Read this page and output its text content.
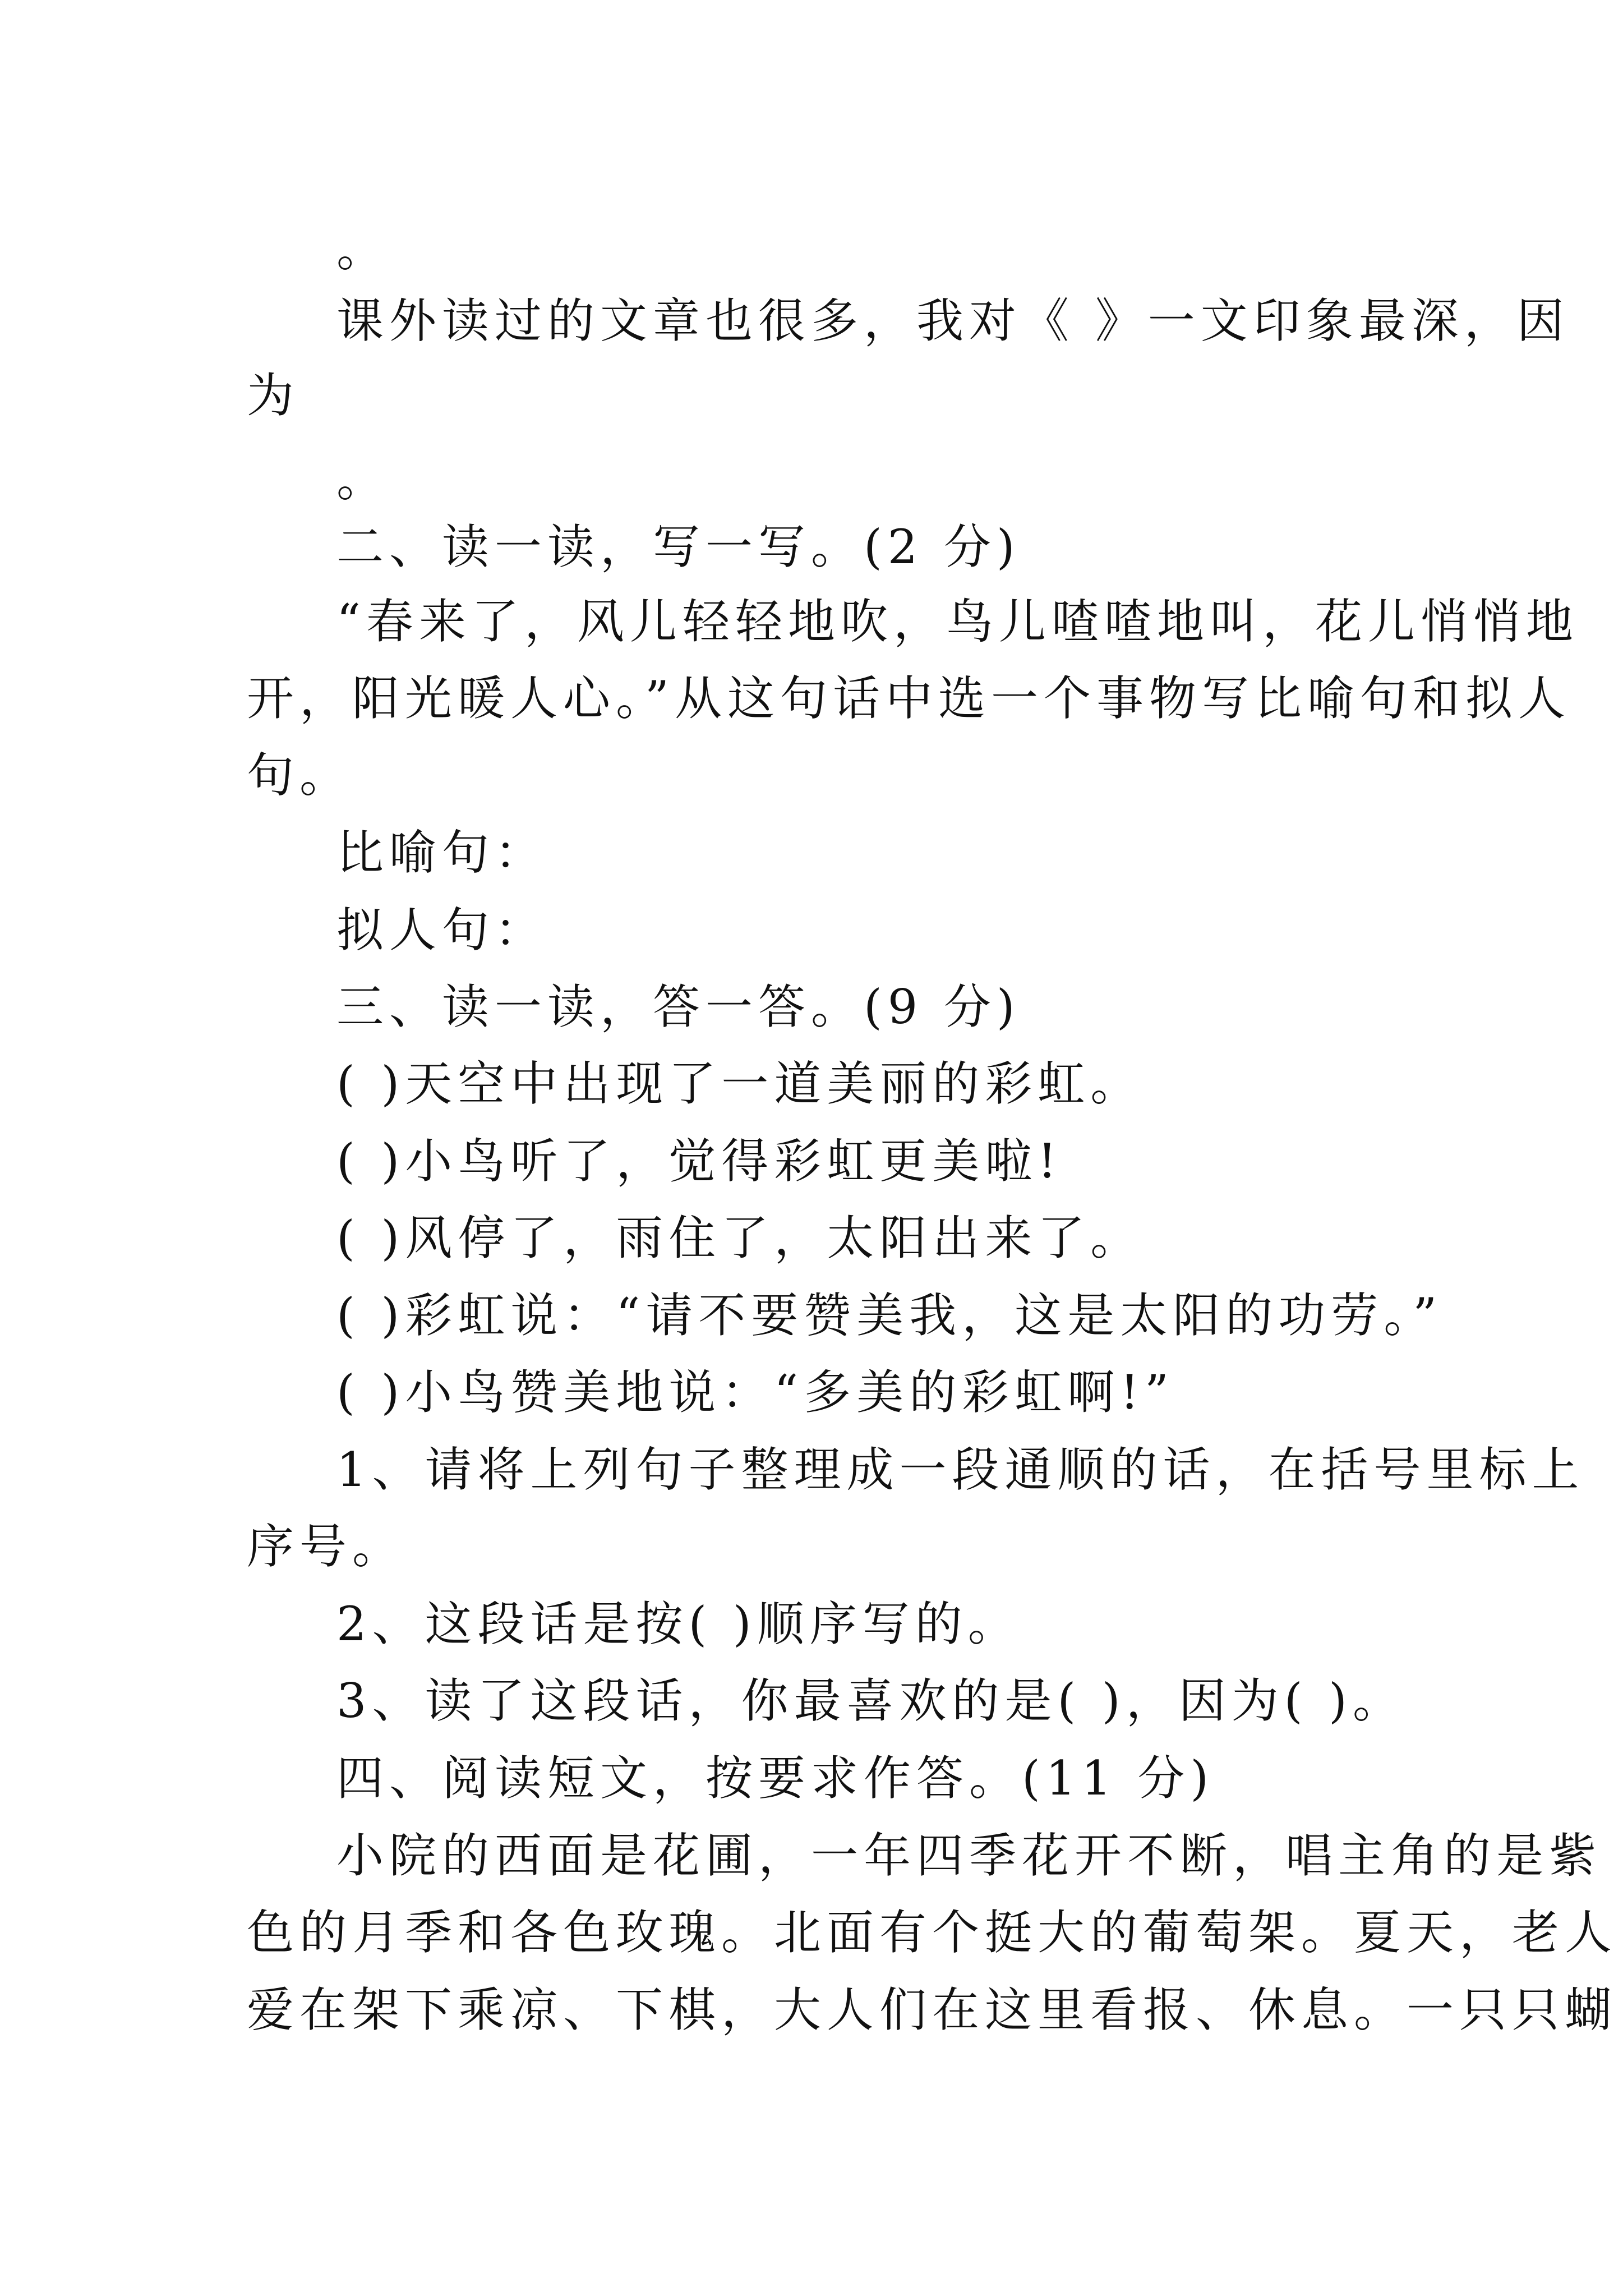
。
课外读过的文章也很多，我对《 》一文印象最深，因
为
。
二、读一读，写一写。(2 分)
“春来了，风儿轻轻地吹，鸟儿喳喳地叫，花儿悄悄地
开，阳光暖人心。”从这句话中选一个事物写比喻句和拟人
句。
比喻句：
拟人句：
三、读一读，答一答。(9 分)
( )天空中出现了一道美丽的彩虹。
( )小鸟听了，觉得彩虹更美啦!
( )风停了，雨住了，太阳出来了。
( )彩虹说：“请不要赞美我，这是太阳的功劳。”
( )小鸟赞美地说：“多美的彩虹啊!”
1、请将上列句子整理成一段通顺的话，在括号里标上
序号。
2、这段话是按( )顺序写的。
3、读了这段话，你最喜欢的是( )，因为( )。
四、阅读短文，按要求作答。(11 分)
小院的西面是花圃，一年四季花开不断，唱主角的是紫
色的月季和各色玫瑰。北面有个挺大的葡萄架。夏天，老人
爱在架下乘凉、下棋，大人们在这里看报、休息。一只只蝴
